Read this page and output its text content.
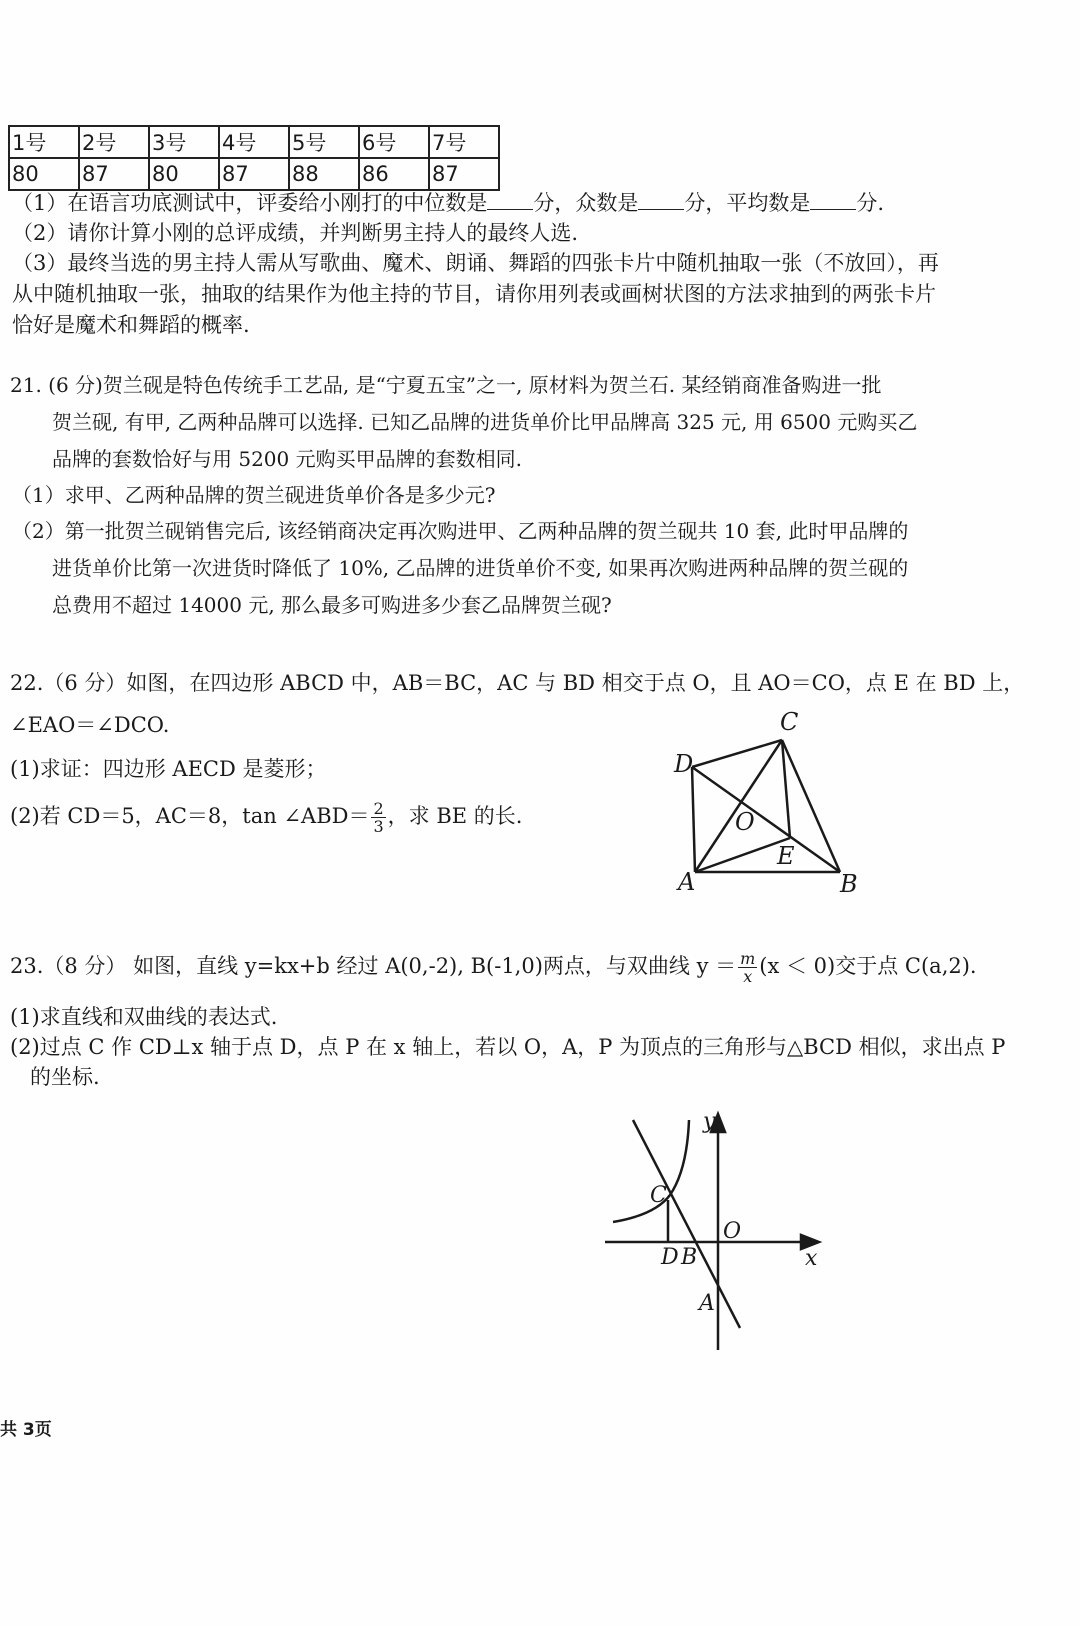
1号	2号	3号	4号	5号	6号	7号
80	87	80	87	88	86	87
（1）在语言功底测试中，评委给小刚打的中位数是 分，众数是 分，平均数是 分.
（2）请你计算小刚的总评成绩，并判断男主持人的最终人选.
（3）最终当选的男主持人需从写歌曲、魔术、朗诵、舞蹈的四张卡片中随机抽取一张（不放回），再
从中随机抽取一张，抽取的结果作为他主持的节目，请你用列表或画树状图的方法求抽到的两张卡片
恰好是魔术和舞蹈的概率.
21. (6 分)贺兰砚是特色传统手工艺品, 是“宁夏五宝”之一, 原材料为贺兰石. 某经销商准备购进一批
贺兰砚, 有甲, 乙两种品牌可以选择. 已知乙品牌的进货单价比甲品牌高 325 元, 用 6500 元购买乙
品牌的套数恰好与用 5200 元购买甲品牌的套数相同.
（1）求甲、乙两种品牌的贺兰砚进货单价各是多少元?
（2）第一批贺兰砚销售完后, 该经销商决定再次购进甲、乙两种品牌的贺兰砚共 10 套, 此时甲品牌的
进货单价比第一次进货时降低了 10%, 乙品牌的进货单价不变, 如果再次购进两种品牌的贺兰砚的
总费用不超过 14000 元, 那么最多可购进多少套乙品牌贺兰砚?
22.（6 分）如图，在四边形 ABCD 中，AB＝BC，AC 与 BD 相交于点 O，且 AO＝CO，点 E 在 BD 上，
∠EAO＝∠DCO.
(1)求证：四边形 AECD 是菱形；
(2)若 CD＝5，AC＝8，tan ∠ABD＝ $\frac{2}{3}$ ，求 BE 的长.
D
C
O
E
A	B
23.（8 分） 如图，直线 y=kx+b 经过 A(0,-2), B(-1,0)两点，与双曲线 $y = \frac{m}{x} (x < 0)$交于点 C(a,2).
(1)求直线和双曲线的表达式.
(2)过点 C 作 CD⊥x 轴于点 D，点 P 在 x 轴上，若以 O，A，P 为顶点的三角形与△BCD 相似，求出点 P
的坐标.
y
x
O
C
D B
A
共 3页
